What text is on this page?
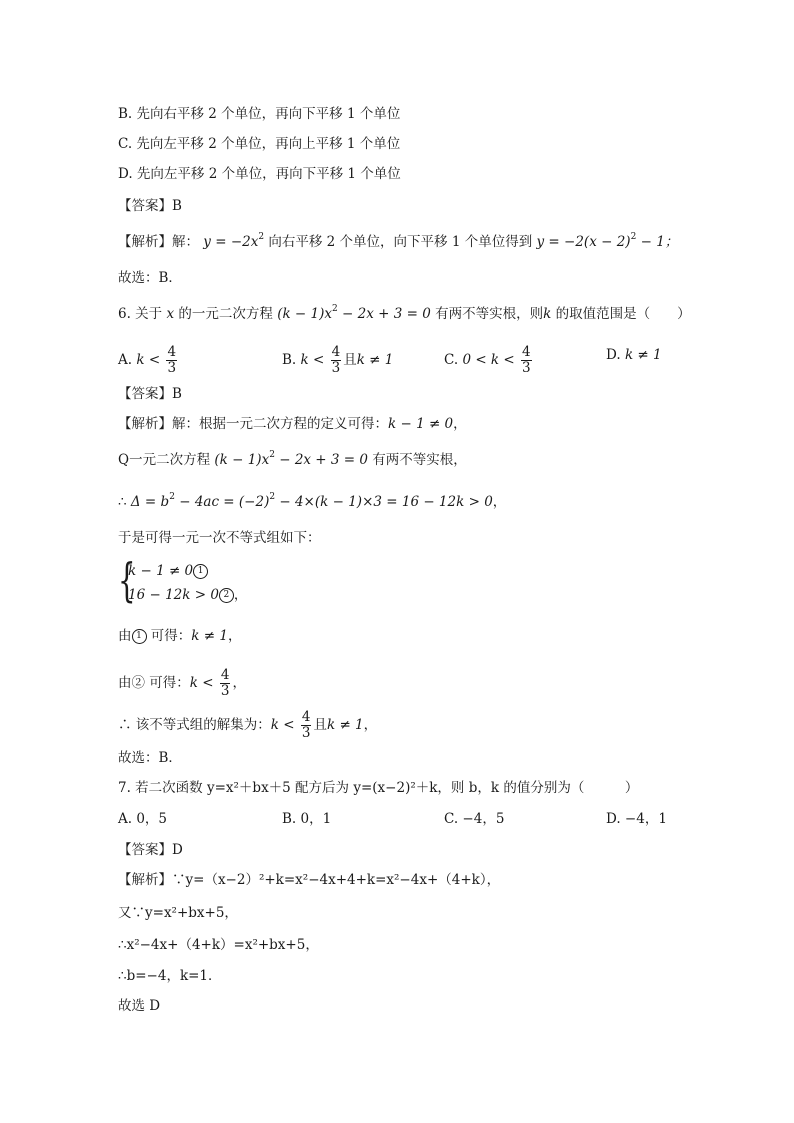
B. 先向右平移 2 个单位，再向下平移 1 个单位
C. 先向左平移 2 个单位，再向上平移 1 个单位
D. 先向左平移 2 个单位，再向下平移 1 个单位
【答案】B
【解析】解： $y = -2x^2$ 向右平移 2 个单位，向下平移 1 个单位得到 $y = -2(x - 2)^2 - 1$；
故选：B．
6. 关于 x 的一元二次方程 $(k - 1)x^2 - 2x + 3 = 0$ 有两不等实根，则k 的取值范围是（　　）
A. $k < \frac{4}{3}$	B. $k < \frac{4}{3}$ 且k ≠ 1	C. $0 < k < \frac{4}{3}$	D. k ≠ 1
【答案】B
【解析】解：根据一元二次方程的定义可得：k − 1 ≠ 0，
Q一元二次方程 $(k - 1)x^2 - 2x + 3 = 0$ 有两不等实根，
∴ $\Delta = b^2 - 4ac = (-2)^2 - 4\times(k - 1)\times 3 = 16 - 12k > 0$，
于是可得一元一次不等式组如下：
{
k − 1 ≠ 0 1
16 − 12k > 0 2 ，
由 1 可得：k ≠ 1，
由② 可得：$k < \frac{4}{3}$ ，
∴ 该不等式组的解集为：$k < \frac{4}{3}$ 且k ≠ 1，
故选：B．
7. 若二次函数 y=x²＋bx＋5 配方后为 y=(x−2)²＋k，则 b，k 的值分别为（　　　）
A. 0，5	B. 0，1	C. −4，5	D. −4，1
【答案】D
【解析】∵y=（x−2）²+k=x²−4x+4+k=x²−4x+（4+k），
又∵y=x²+bx+5，
∴x²−4x+（4+k）=x²+bx+5，
∴b=−4，k=1．
故选 D
